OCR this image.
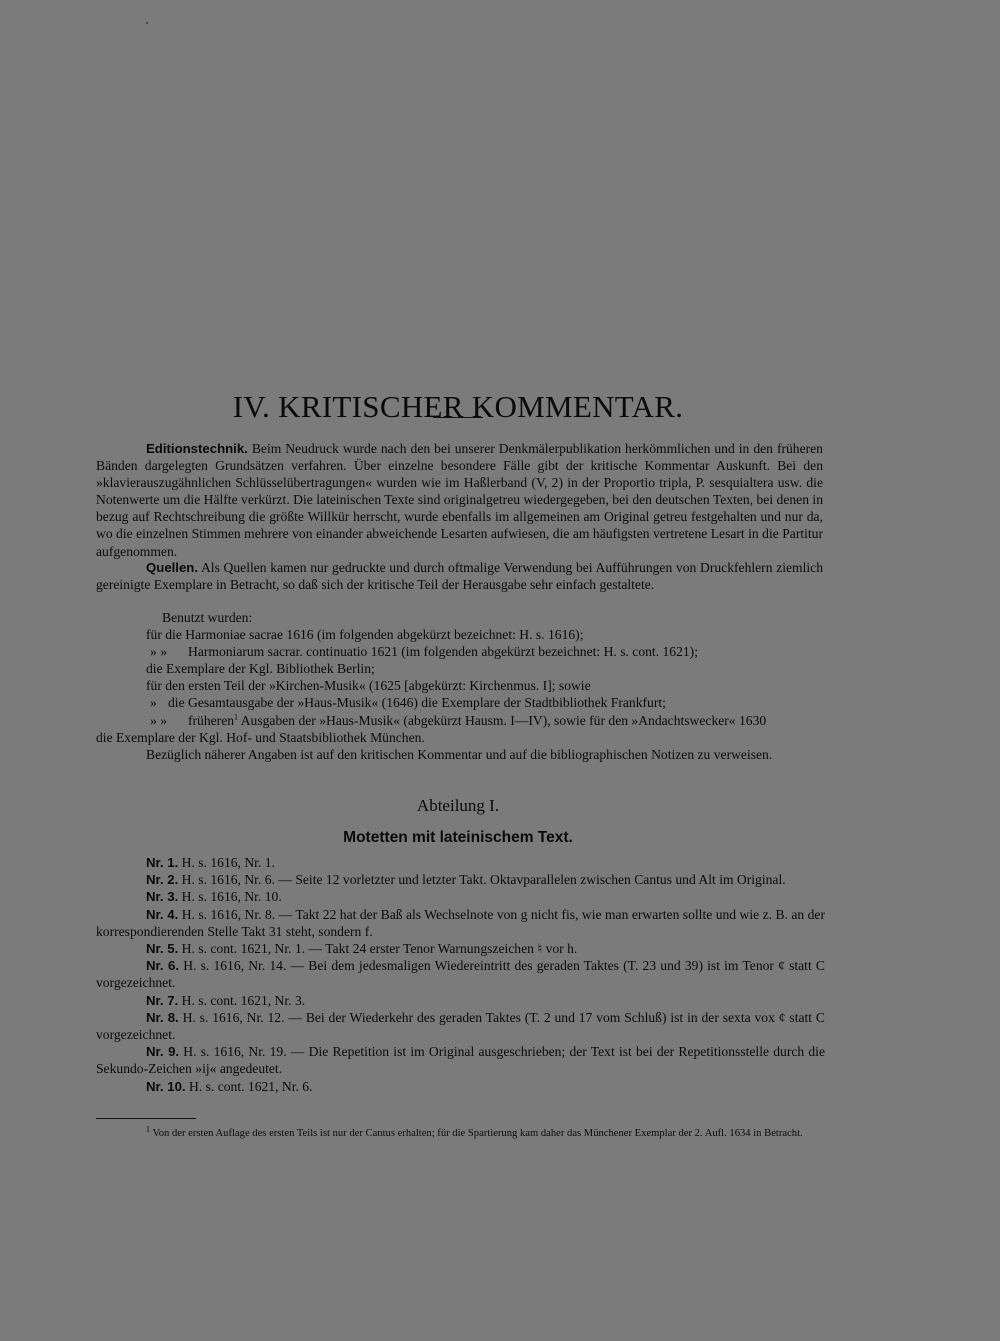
IV. KRITISCHER KOMMENTAR.

Editionstechnik. Beim Neudruck wurde nach den bei unserer Denkmälerpublikation herkömmlichen und in den früheren Bänden dargelegten Grundsätzen verfahren. Über einzelne besondere Fälle gibt der kritische Kommentar Auskunft. Bei den »klavierauszugähnlichen Schlüsselübertragungen« wurden wie im Haßlerband (V, 2) in der Proportio tripla, P. sesquialtera usw. die Notenwerte um die Hälfte verkürzt. Die lateinischen Texte sind originalgetreu wiedergegeben, bei den deutschen Texten, bei denen in bezug auf Rechtschreibung die größte Willkür herrscht, wurde ebenfalls im allgemeinen am Original getreu festgehalten und nur da, wo die einzelnen Stimmen mehrere von einander abweichende Lesarten aufwiesen, die am häufigsten vertretene Lesart in die Partitur aufgenommen.

Quellen. Als Quellen kamen nur gedruckte und durch oftmalige Verwendung bei Aufführungen von Druckfehlern ziemlich gereinigte Exemplare in Betracht, so daß sich der kritische Teil der Herausgabe sehr einfach gestaltete.

Benutzt wurden:

für die Harmoniae sacrae 1616 (im folgenden abgekürzt bezeichnet: H. s. 1616);

» » Harmoniarum sacrar. continuatio 1621 (im folgenden abgekürzt bezeichnet: H. s. cont. 1621);

die Exemplare der Kgl. Bibliothek Berlin;

für den ersten Teil der »Kirchen-Musik« (1625 [abgekürzt: Kirchenmus. I]; sowie

» die Gesamtausgabe der »Haus-Musik« (1646) die Exemplare der Stadtbibliothek Frankfurt;

» » früheren$^1$ Ausgaben der »Haus-Musik« (abgekürzt Hausm. I—IV), sowie für den »Andachtswecker« 1630

die Exemplare der Kgl. Hof- und Staatsbibliothek München.

Bezüglich näherer Angaben ist auf den kritischen Kommentar und auf die bibliographischen Notizen zu verweisen.

Abteilung I.
Motetten mit lateinischem Text.

Nr. 1. H. s. 1616, Nr. 1.

Nr. 2. H. s. 1616, Nr. 6. — Seite 12 vorletzter und letzter Takt. Oktavparallelen zwischen Cantus und Alt im Original.

Nr. 3. H. s. 1616, Nr. 10.

Nr. 4. H. s. 1616, Nr. 8. — Takt 22 hat der Baß als Wechselnote von g nicht fis, wie man erwarten sollte und wie z. B. an der korrespondierenden Stelle Takt 31 steht, sondern f.

Nr. 5. H. s. cont. 1621, Nr. 1. — Takt 24 erster Tenor Warnungszeichen ♮ vor h.

Nr. 6. H. s. 1616, Nr. 14. — Bei dem jedesmaligen Wiedereintritt des geraden Taktes (T. 23 und 39) ist im Tenor ¢ statt C vorgezeichnet.

Nr. 7. H. s. cont. 1621, Nr. 3.

Nr. 8. H. s. 1616, Nr. 12. — Bei der Wiederkehr des geraden Taktes (T. 2 und 17 vom Schluß) ist in der sexta vox ¢ statt C vorgezeichnet.

Nr. 9. H. s. 1616, Nr. 19. — Die Repetition ist im Original ausgeschrieben; der Text ist bei der Repetitionsstelle durch die Sekundo-Zeichen »ij« angedeutet.

Nr. 10. H. s. cont. 1621, Nr. 6.

$^1$ Von der ersten Auflage des ersten Teils ist nur der Cantus erhalten; für die Spartierung kam daher das Münchener Exemplar der 2. Aufl. 1634 in Betracht.
